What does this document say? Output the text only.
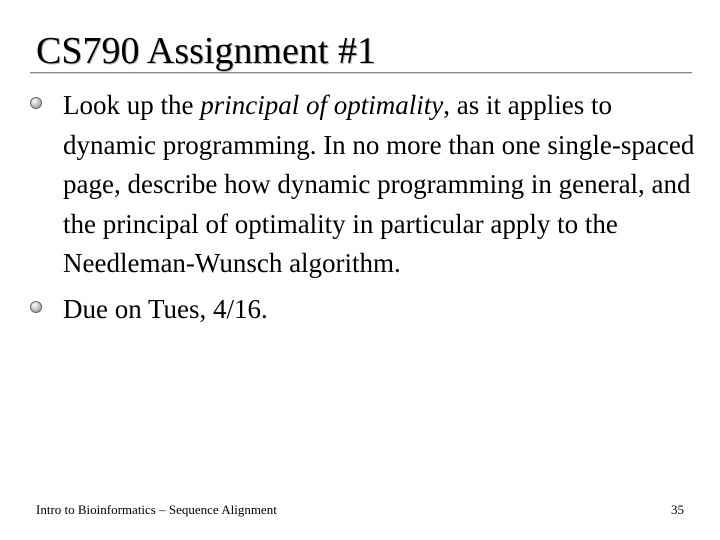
CS790 Assignment #1
Look up the principal of optimality, as it applies to dynamic programming. In no more than one single-spaced page, describe how dynamic programming in general, and the principal of optimality in particular apply to the Needleman-Wunsch algorithm.
Due on Tues, 4/16.
Intro to Bioinformatics – Sequence Alignment	35
